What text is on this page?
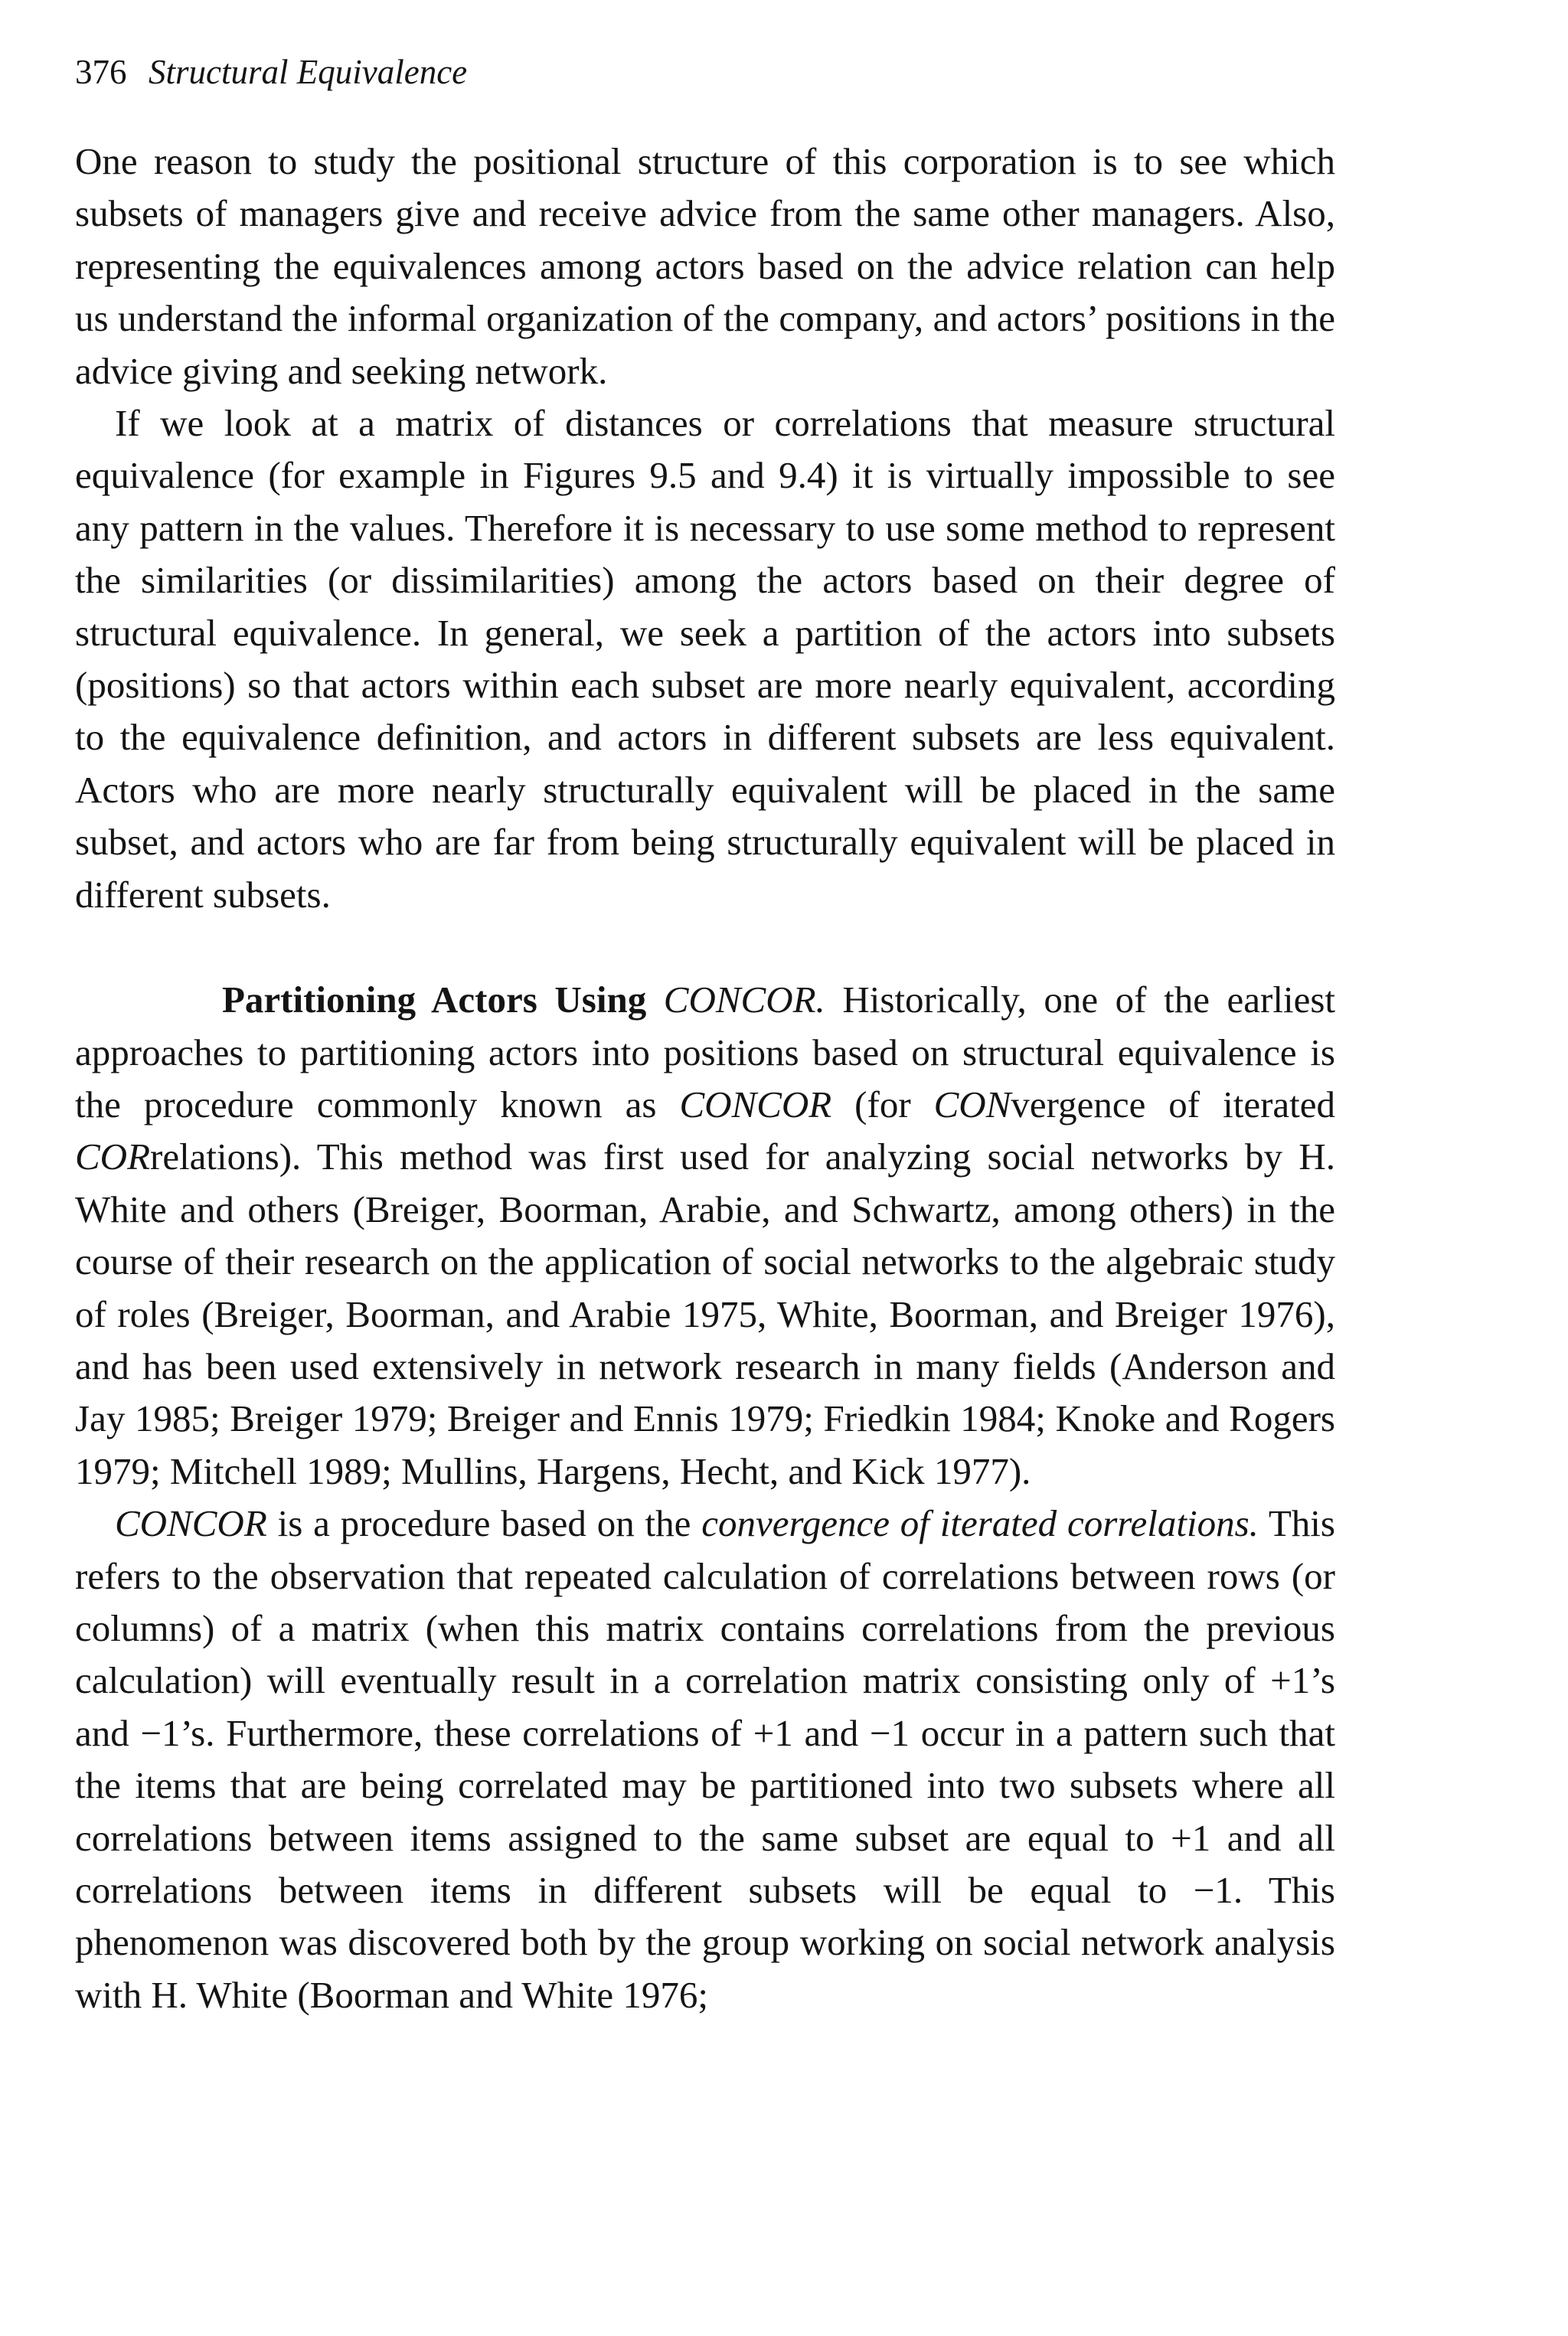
376 Structural Equivalence

One reason to study the positional structure of this corporation is to see which subsets of managers give and receive advice from the same other managers. Also, representing the equivalences among actors based on the advice relation can help us understand the informal organization of the company, and actors’ positions in the advice giving and seeking network.

If we look at a matrix of distances or correlations that measure structural equivalence (for example in Figures 9.5 and 9.4) it is virtually impossible to see any pattern in the values. Therefore it is necessary to use some method to represent the similarities (or dissimilarities) among the actors based on their degree of structural equivalence. In general, we seek a partition of the actors into subsets (positions) so that actors within each subset are more nearly equivalent, according to the equivalence definition, and actors in different subsets are less equivalent. Actors who are more nearly structurally equivalent will be placed in the same subset, and actors who are far from being structurally equivalent will be placed in different subsets.

Partitioning Actors Using CONCOR. Historically, one of the earliest approaches to partitioning actors into positions based on structural equivalence is the procedure commonly known as CONCOR (for CONvergence of iterated CORrelations). This method was first used for analyzing social networks by H. White and others (Breiger, Boorman, Arabie, and Schwartz, among others) in the course of their research on the application of social networks to the algebraic study of roles (Breiger, Boorman, and Arabie 1975, White, Boorman, and Breiger 1976), and has been used extensively in network research in many fields (Anderson and Jay 1985; Breiger 1979; Breiger and Ennis 1979; Friedkin 1984; Knoke and Rogers 1979; Mitchell 1989; Mullins, Hargens, Hecht, and Kick 1977).

CONCOR is a procedure based on the convergence of iterated correlations. This refers to the observation that repeated calculation of correlations between rows (or columns) of a matrix (when this matrix contains correlations from the previous calculation) will eventually result in a correlation matrix consisting only of +1’s and −1’s. Furthermore, these correlations of +1 and −1 occur in a pattern such that the items that are being correlated may be partitioned into two subsets where all correlations between items assigned to the same subset are equal to +1 and all correlations between items in different subsets will be equal to −1. This phenomenon was discovered both by the group working on social network analysis with H. White (Boorman and White 1976;
